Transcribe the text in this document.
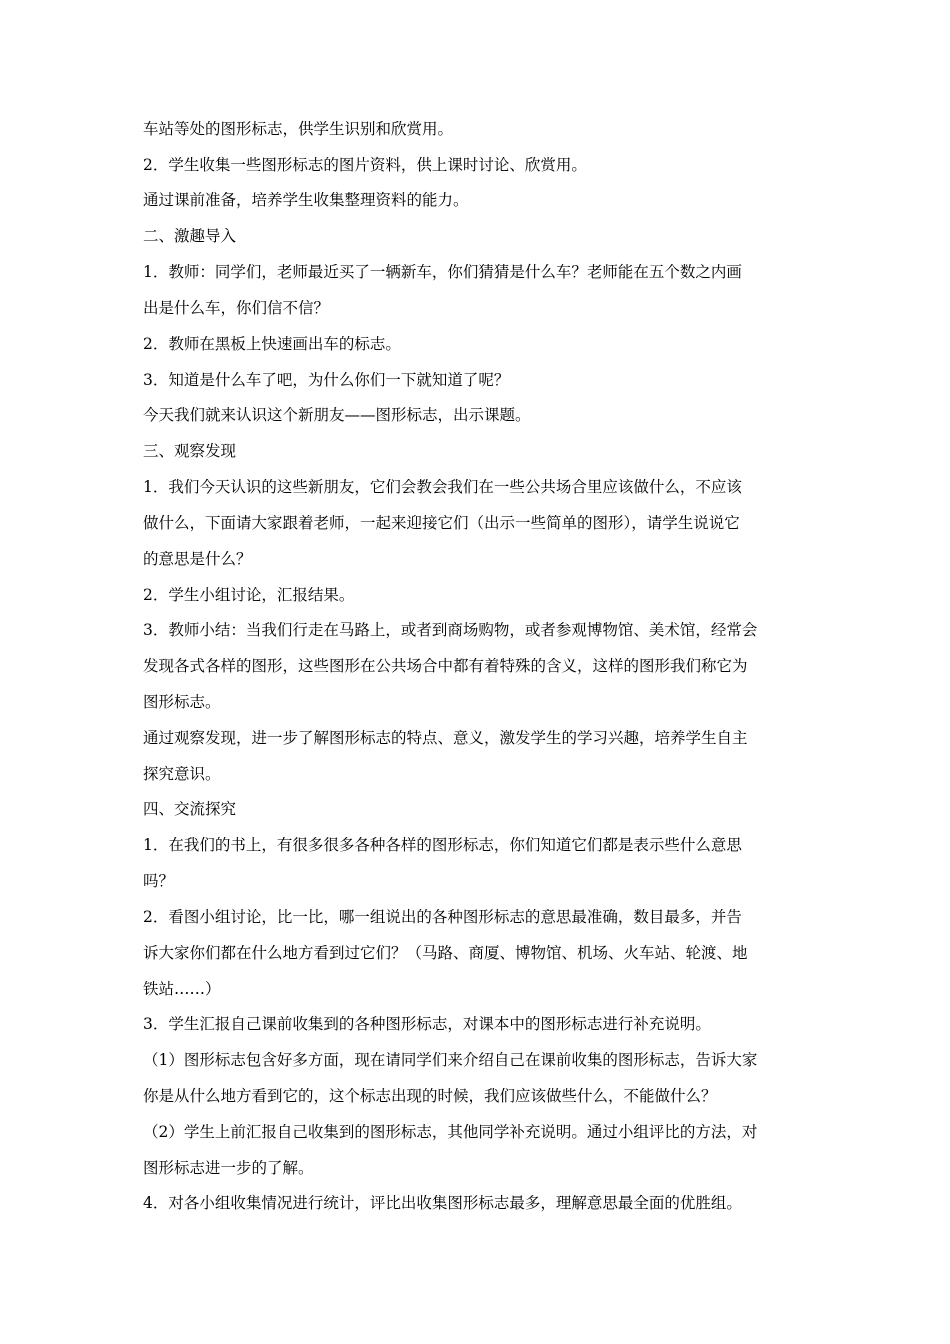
车站等处的图形标志，供学生识别和欣赏用。
2．学生收集一些图形标志的图片资料，供上课时讨论、欣赏用。
通过课前准备，培养学生收集整理资料的能力。
二、激趣导入
1．教师：同学们，老师最近买了一辆新车，你们猜猜是什么车？老师能在五个数之内画
出是什么车，你们信不信？
2．教师在黑板上快速画出车的标志。
3．知道是什么车了吧，为什么你们一下就知道了呢？
今天我们就来认识这个新朋友——图形标志，出示课题。
三、观察发现
1．我们今天认识的这些新朋友，它们会教会我们在一些公共场合里应该做什么，不应该
做什么，下面请大家跟着老师，一起来迎接它们（出示一些简单的图形），请学生说说它
的意思是什么？
2．学生小组讨论，汇报结果。
3．教师小结：当我们行走在马路上，或者到商场购物，或者参观博物馆、美术馆，经常会
发现各式各样的图形，这些图形在公共场合中都有着特殊的含义，这样的图形我们称它为
图形标志。
通过观察发现，进一步了解图形标志的特点、意义，激发学生的学习兴趣，培养学生自主
探究意识。
四、交流探究
1．在我们的书上，有很多很多各种各样的图形标志，你们知道它们都是表示些什么意思
吗？
2．看图小组讨论，比一比，哪一组说出的各种图形标志的意思最准确，数目最多，并告
诉大家你们都在什么地方看到过它们？（马路、商厦、博物馆、机场、火车站、轮渡、地
铁站……）
3．学生汇报自己课前收集到的各种图形标志，对课本中的图形标志进行补充说明。
（1）图形标志包含好多方面，现在请同学们来介绍自己在课前收集的图形标志，告诉大家
你是从什么地方看到它的，这个标志出现的时候，我们应该做些什么，不能做什么？
（2）学生上前汇报自己收集到的图形标志，其他同学补充说明。通过小组评比的方法，对
图形标志进一步的了解。
4．对各小组收集情况进行统计，评比出收集图形标志最多，理解意思最全面的优胜组。
